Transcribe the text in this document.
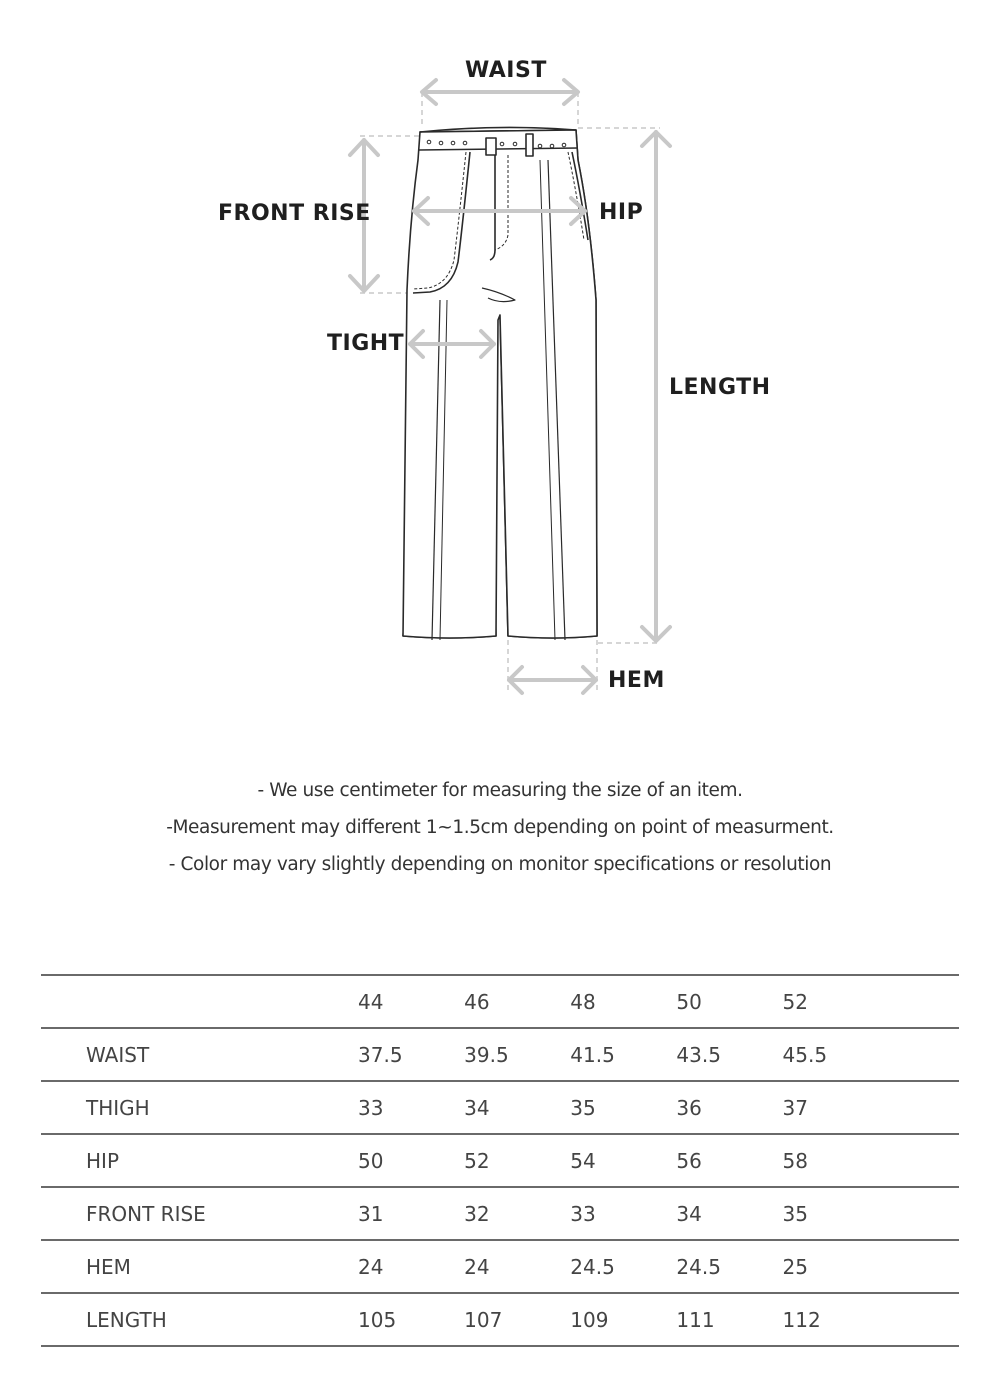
WAIST
FRONT RISE	HIP
TIGHT
LENGTH
HEM
- We use centimeter for measuring the size of an item.
-Measurement may different 1~1.5cm depending on point of measurment.
- Color may vary slightly depending on monitor specifications or resolution
	44	46	48	50	52
WAIST	37.5	39.5	41.5	43.5	45.5
THIGH	33	34	35	36	37
HIP	50	52	54	56	58
FRONT RISE	31	32	33	34	35
HEM	24	24	24.5	24.5	25
LENGTH	105	107	109	111	112
